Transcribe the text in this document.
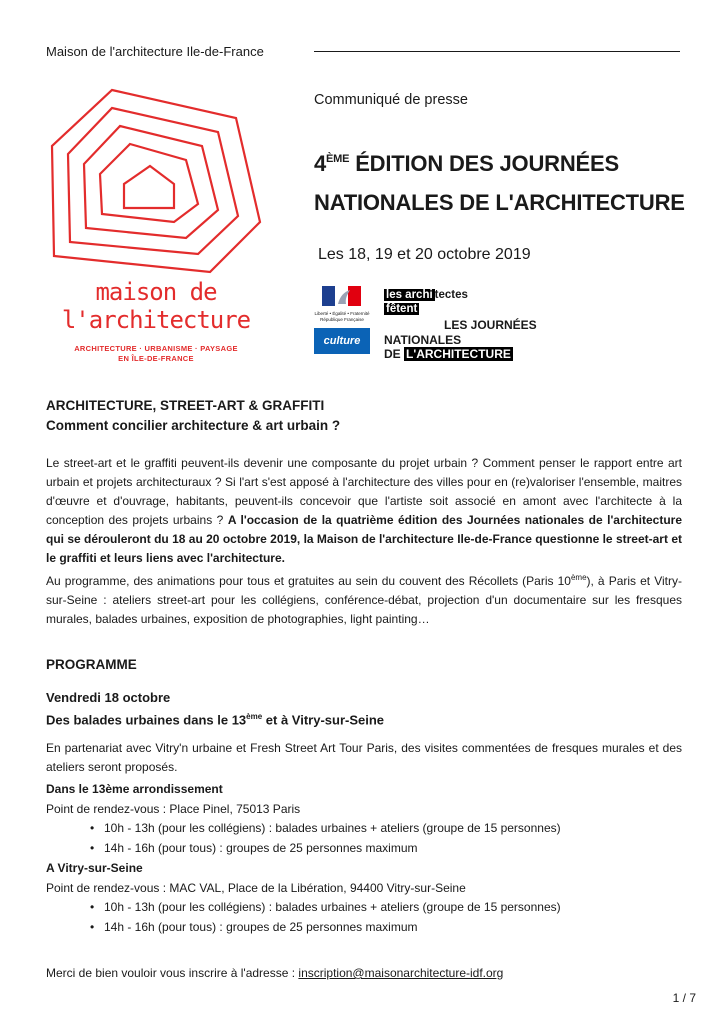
Maison de l'architecture Ile-de-France
Communiqué de presse
4ÈME ÉDITION DES JOURNÉES
NATIONALES DE L'ARCHITECTURE
Les 18, 19 et 20 octobre 2019
maison de
l'architecture
ARCHITECTURE · URBANISME · PAYSAGE
EN ÎLE-DE-FRANCE
Liberté • Égalité • Fraternité
République Française
culture
les archi tectes
fêtent
LES JOURNÉES
NATIONALES
DE L'ARCHITECTURE
ARCHITECTURE, STREET-ART & GRAFFITI
Comment concilier architecture & art urbain ?
Le street-art et le graffiti peuvent-ils devenir une composante du projet urbain ? Comment penser le rapport entre art urbain et projets architecturaux ? Si l'art s'est apposé à l'architecture des villes pour en (re)valoriser l'ensemble, maitres d'œuvre et d'ouvrage, habitants, peuvent-ils concevoir que l'artiste soit associé en amont avec l'architecte à la conception des projets urbains ? A l'occasion de la quatrième édition des Journées nationales de l'architecture qui se dérouleront du 18 au 20 octobre 2019, la Maison de l'architecture Ile-de-France questionne le street-art et le graffiti et leurs liens avec l'architecture.
Au programme, des animations pour tous et gratuites au sein du couvent des Récollets (Paris 10ème), à Paris et Vitry-sur-Seine : ateliers street-art pour les collégiens, conférence-débat, projection d'un documentaire sur les fresques murales, balades urbaines, exposition de photographies, light painting…
PROGRAMME
Vendredi 18 octobre
Des balades urbaines dans le 13ème et à Vitry-sur-Seine
En partenariat avec Vitry'n urbaine et Fresh Street Art Tour Paris, des visites commentées de fresques murales et des ateliers seront proposés.
Dans le 13ème arrondissement
Point de rendez-vous : Place Pinel, 75013 Paris
• 10h - 13h (pour les collégiens) : balades urbaines + ateliers (groupe de 15 personnes)
• 14h - 16h (pour tous) : groupes de 25 personnes maximum
A Vitry-sur-Seine
Point de rendez-vous : MAC VAL, Place de la Libération, 94400 Vitry-sur-Seine
• 10h - 13h (pour les collégiens) : balades urbaines + ateliers (groupe de 15 personnes)
• 14h - 16h (pour tous) : groupes de 25 personnes maximum
Merci de bien vouloir vous inscrire à l'adresse : inscription@maisonarchitecture-idf.org
1 / 7
